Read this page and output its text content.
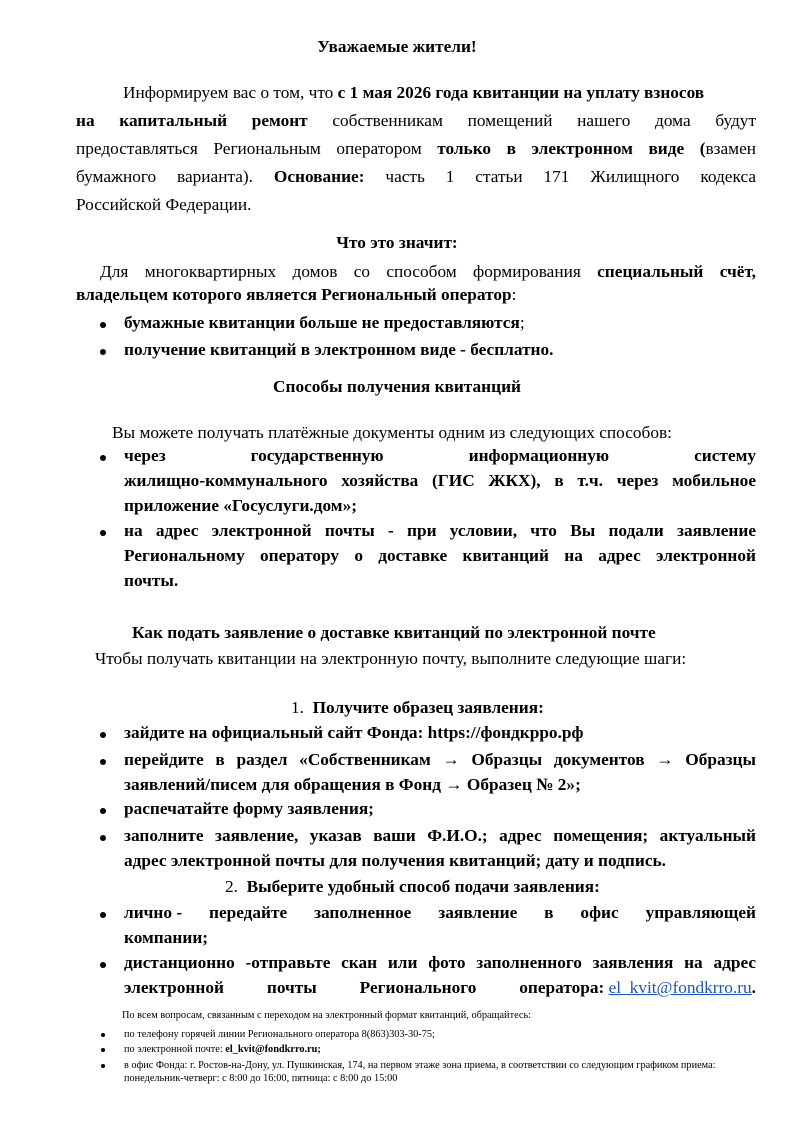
Уважаемые жители!
Информируем вас о том, что с 1 мая 2026 года квитанции на уплату взносов
на капитальный ремонт собственникам помещений нашего дома будут
предоставляться Региональным оператором только в электронном виде (взамен
бумажного варианта). Основание: часть 1 статьи 171 Жилищного кодекса
Российской Федерации.
Что это значит:
Для многоквартирных домов со способом формирования специальный счёт,
владельцем которого является Региональный оператор:
бумажные квитанции больше не предоставляются;
получение квитанций в электронном виде - бесплатно.
Способы получения квитанций
Вы можете получать платёжные документы одним из следующих способов:
через	государственную	информационную	систему
жилищно-коммунального хозяйства (ГИС ЖКХ), в т.ч. через мобильное
приложение «Госуслуги.дом»;
на адрес электронной почты - при условии, что Вы подали заявление
Региональному оператору о доставке квитанций на адрес электронной
почты.
Как подать заявление о доставке квитанций по электронной почте
Чтобы получать квитанции на электронную почту, выполните следующие шаги:
1. Получите образец заявления:
зайдите на официальный сайт Фонда: https://фондкрро.рф
перейдите в раздел «Собственникам → Образцы документов → Образцы
заявлений/писем для обращения в Фонд → Образец № 2»;
распечатайте форму заявления;
заполните заявление, указав ваши Ф.И.О.; адрес помещения; актуальный
адрес электронной почты для получения квитанций; дату и подпись.
2. Выберите удобный способ подачи заявления:
лично - передайте заполненное заявление в офис управляющей
компании;
дистанционно -отправьте скан или фото заполненного заявления на адрес
электронной почты Регионального оператора: el_kvit@fondkrro.ru.
По всем вопросам, связанным с переходом на электронный формат квитанций, обращайтесь:
по телефону горячей линии Регионального оператора 8(863)303-30-75;
по электронной почте: el_kvit@fondkrro.ru;
в офис Фонда: г. Ростов-на-Дону, ул. Пушкинская, 174, на первом этаже зона приема, в соответствии со следующим графиком приема:
понедельник-четверг: с 8:00 до 16:00, пятница: с 8:00 до 15:00
